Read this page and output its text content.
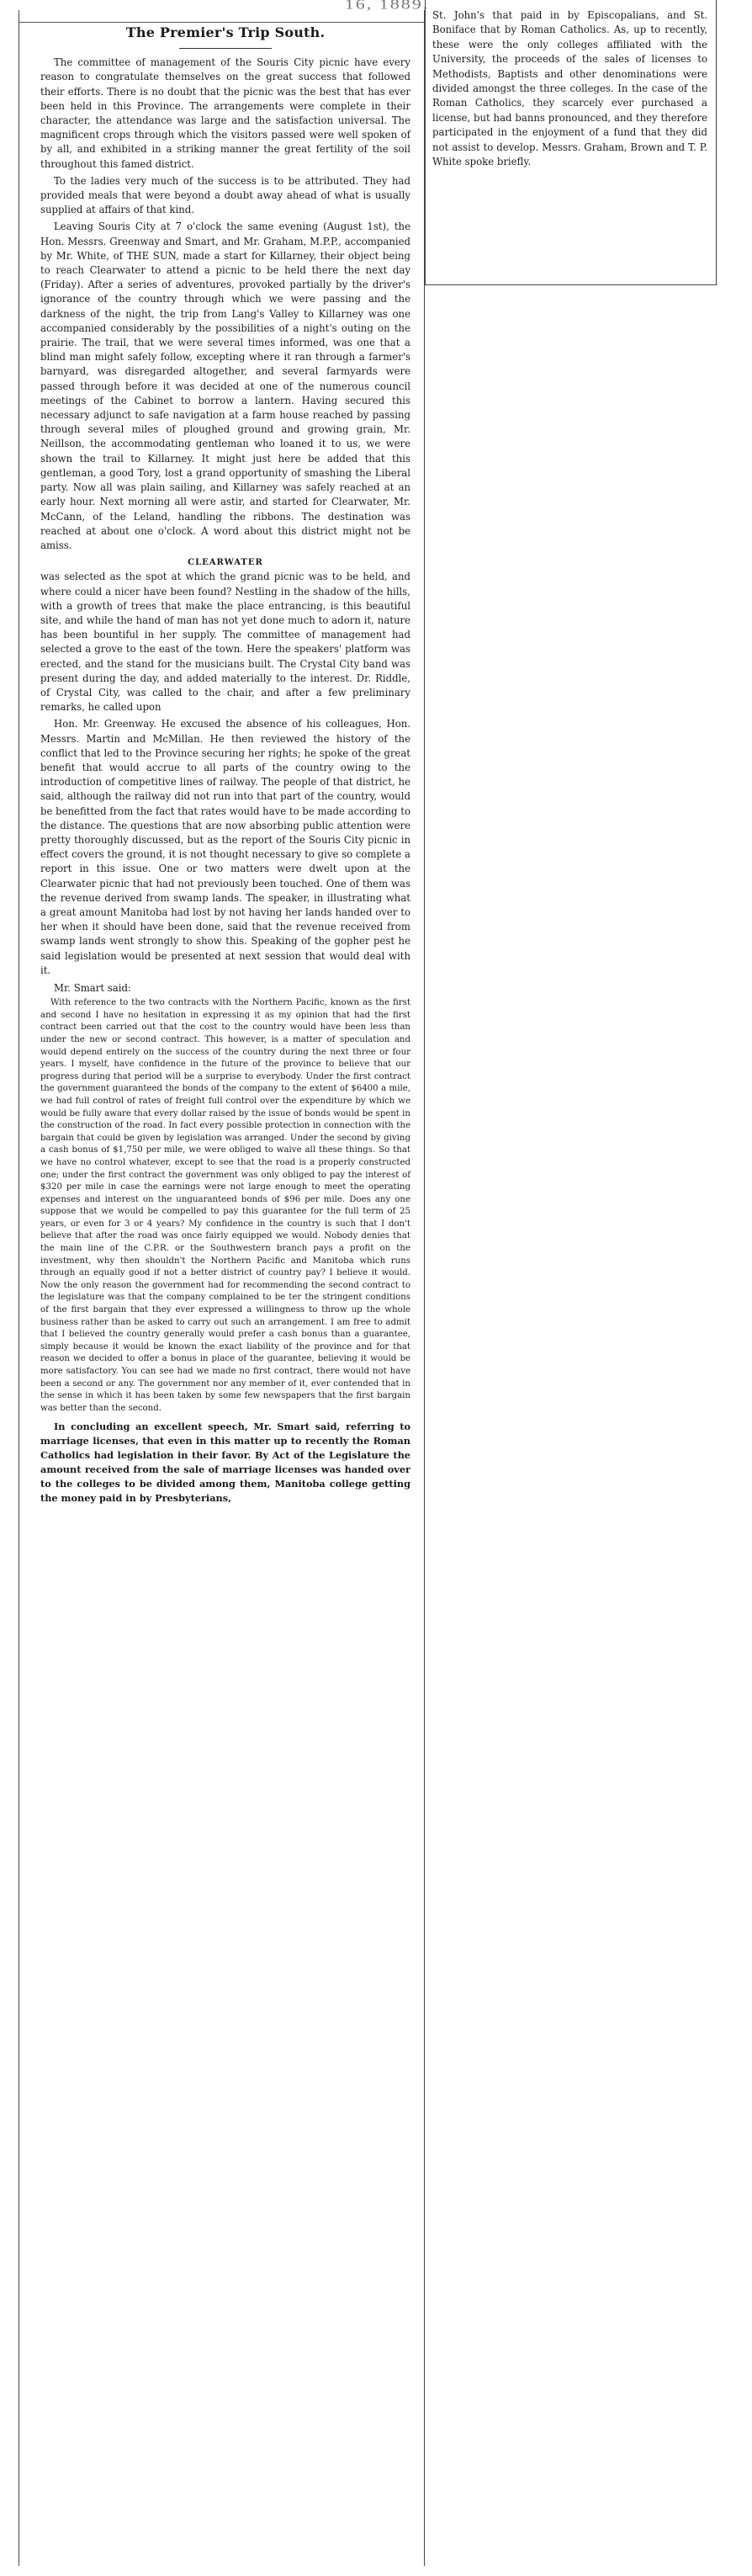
16, 1889.
The Premier's Trip South.

The committee of management of the Souris City picnic have every reason to congratulate themselves on the great success that followed their efforts. There is no doubt that the picnic was the best that has ever been held in this Province. The arrangements were complete in their character, the attendance was large and the satisfaction universal. The magnificent crops through which the visitors passed were well spoken of by all, and exhibited in a striking manner the great fertility of the soil throughout this famed district.

To the ladies very much of the success is to be attributed. They had provided meals that were beyond a doubt away ahead of what is usually supplied at affairs of that kind.

Leaving Souris City at 7 o'clock the same evening (August 1st), the Hon. Messrs. Greenway and Smart, and Mr. Graham, M.P.P., accompanied by Mr. White, of THE SUN, made a start for Killarney, their object being to reach Clearwater to attend a picnic to be held there the next day (Friday). After a series of adventures, provoked partially by the driver's ignorance of the country through which we were passing and the darkness of the night, the trip from Lang's Valley to Killarney was one accompanied considerably by the possibilities of a night's outing on the prairie. The trail, that we were several times informed, was one that a blind man might safely follow, excepting where it ran through a farmer's barnyard, was disregarded altogether, and several farmyards were passed through before it was decided at one of the numerous council meetings of the Cabinet to borrow a lantern. Having secured this necessary adjunct to safe navigation at a farm house reached by passing through several miles of ploughed ground and growing grain, Mr. Neillson, the accommodating gentleman who loaned it to us, we were shown the trail to Killarney. It might just here be added that this gentleman, a good Tory, lost a grand opportunity of smashing the Liberal party. Now all was plain sailing, and Killarney was safely reached at an early hour. Next morning all were astir, and started for Clearwater, Mr. McCann, of the Leland, handling the ribbons. The destination was reached at about one o'clock. A word about this district might not be amiss.

CLEARWATER

was selected as the spot at which the grand picnic was to be held, and where could a nicer have been found? Nestling in the shadow of the hills, with a growth of trees that make the place entrancing, is this beautiful site, and while the hand of man has not yet done much to adorn it, nature has been bountiful in her supply. The committee of management had selected a grove to the east of the town. Here the speakers' platform was erected, and the stand for the musicians built. The Crystal City band was present during the day, and added materially to the interest. Dr. Riddle, of Crystal City, was called to the chair, and after a few preliminary remarks, he called upon

Hon. Mr. Greenway. He excused the absence of his colleagues, Hon. Messrs. Martin and McMillan. He then reviewed the history of the conflict that led to the Province securing her rights; he spoke of the great benefit that would accrue to all parts of the country owing to the introduction of competitive lines of railway. The people of that district, he said, although the railway did not run into that part of the country, would be benefitted from the fact that rates would have to be made according to the distance. The questions that are now absorbing public attention were pretty thoroughly discussed, but as the report of the Souris City picnic in effect covers the ground, it is not thought necessary to give so complete a report in this issue. One or two matters were dwelt upon at the Clearwater picnic that had not previously been touched. One of them was the revenue derived from swamp lands. The speaker, in illustrating what a great amount Manitoba had lost by not having her lands handed over to her when it should have been done, said that the revenue received from swamp lands went strongly to show this. Speaking of the gopher pest he said legislation would be presented at next session that would deal with it.

Mr. Smart said:

With reference to the two contracts with the Northern Pacific, known as the first and second I have no hesitation in expressing it as my opinion that had the first contract been carried out that the cost to the country would have been less than under the new or second contract. This however, is a matter of speculation and would depend entirely on the success of the country during the next three or four years. I myself, have confidence in the future of the province to believe that our progress during that period will be a surprise to everybody. Under the first contract the government guaranteed the bonds of the company to the extent of $6400 a mile, we had full control of rates of freight full control over the expenditure by which we would be fully aware that every dollar raised by the issue of bonds would be spent in the construction of the road. In fact every possible protection in connection with the bargain that could be given by legislation was arranged. Under the second by giving a cash bonus of $1,750 per mile, we were obliged to waive all these things. So that we have no control whatever, except to see that the road is a properly constructed one; under the first contract the government was only obliged to pay the interest of $320 per mile in case the earnings were not large enough to meet the operating expenses and interest on the unguaranteed bonds of $96 per mile. Does any one suppose that we would be compelled to pay this guarantee for the full term of 25 years, or even for 3 or 4 years? My confidence in the country is such that I don't believe that after the road was once fairly equipped we would. Nobody denies that the main line of the C.P.R. or the Southwestern branch pays a profit on the investment, why then shouldn't the Northern Pacific and Manitoba which runs through an equally good if not a better district of country pay? I believe it would. Now the only reason the government had for recommending the second contract to the legislature was that the company complained to be ter the stringent conditions of the first bargain that they ever expressed a willingness to throw up the whole business rather than be asked to carry out such an arrangement. I am free to admit that I believed the country generally would prefer a cash bonus than a guarantee, simply because it would be known the exact liability of the province and for that reason we decided to offer a bonus in place of the guarantee, believing it would be more satisfactory. You can see had we made no first contract, there would not have been a second or any. The government nor any member of it, ever contended that in the sense in which it has been taken by some few newspapers that the first bargain was better than the second.

In concluding an excellent speech, Mr. Smart said, referring to marriage licenses, that even in this matter up to recently the Roman Catholics had legislation in their favor. By Act of the Legislature the amount received from the sale of marriage licenses was handed over to the colleges to be divided among them, Manitoba college getting the money paid in by Presbyterians,

St. John's that paid in by Episcopalians, and St. Boniface that by Roman Catholics. As, up to recently, these were the only colleges affiliated with the University, the proceeds of the sales of licenses to Methodists, Baptists and other denominations were divided amongst the three colleges. In the case of the Roman Catholics, they scarcely ever purchased a license, but had banns pronounced, and they therefore participated in the enjoyment of a fund that they did not assist to develop. Messrs. Graham, Brown and T. P. White spoke briefly.
